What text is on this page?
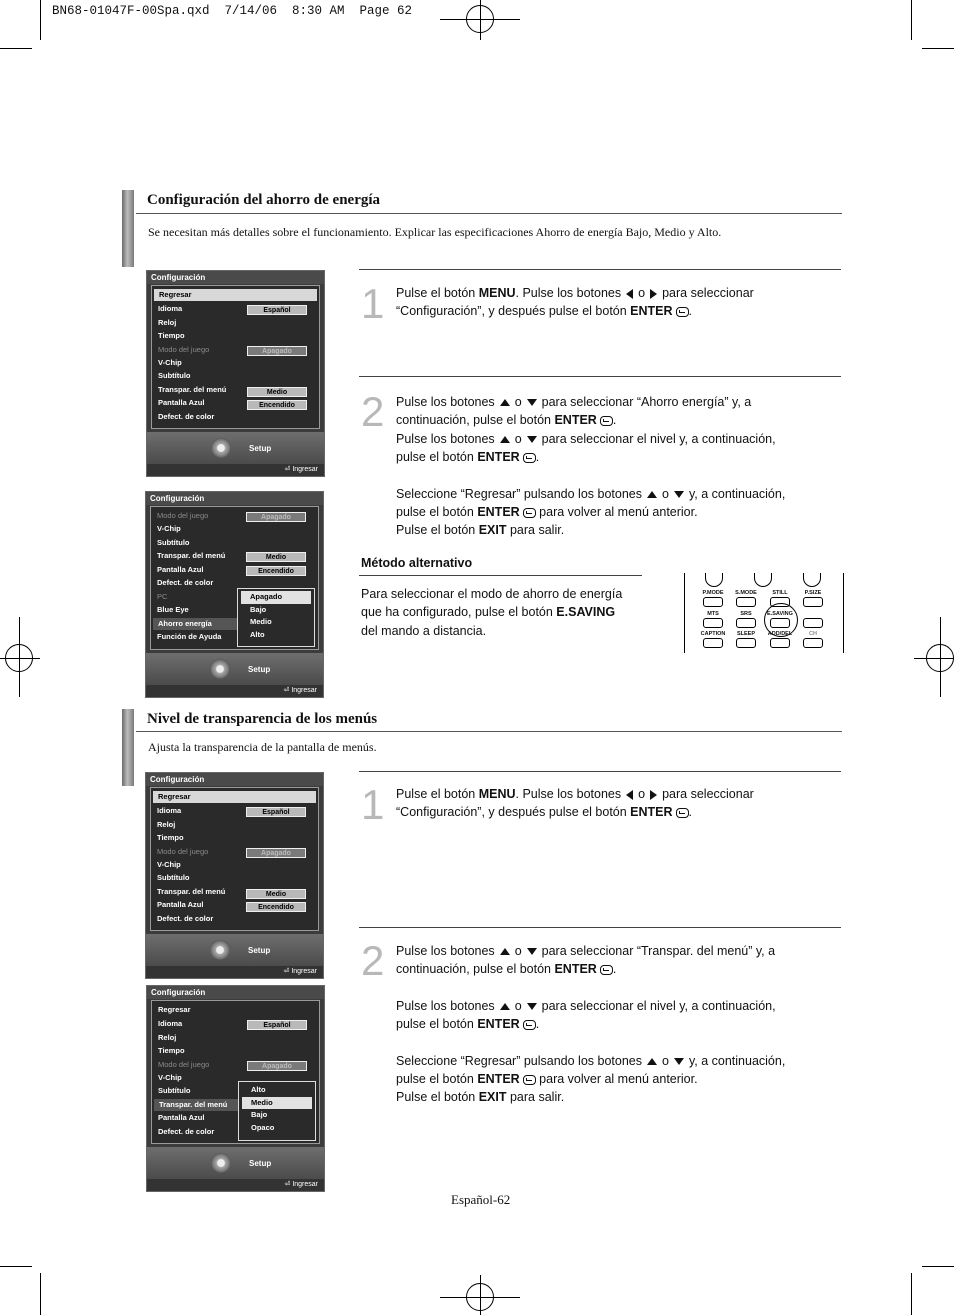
BN68-01047F-00Spa.qxd  7/14/06  8:30 AM  Page 62
Configuración del ahorro de energía
Se necesitan más detalles sobre el funcionamiento. Explicar las especificaciones Ahorro de energía Bajo, Medio y Alto.
Configuración
Regresar
Idioma	Español
Reloj
Tiempo
Modo del juego	Apagado
V-Chip
Subtítulo
Transpar. del menú	Medio
Pantalla Azul	Encendido
Defect. de color
Setup
⏎ Ingresar
Configuración
Modo del juego	Apagado
V-Chip
Subtítulo
Transpar. del menú	Medio
Pantalla Azul	Encendido
Defect. de color
PC
Blue Eye
Ahorro energía
Función de Ayuda
Apagado
Bajo
Medio
Alto
Setup
⏎ Ingresar
1 Pulse el botón MENU. Pulse los botones o para seleccionar

“Configuración”, y después pulse el botón ENTER .

2 Pulse los botones o para seleccionar “Ahorro energía” y, a

continuación, pulse el botón ENTER .

Pulse los botones o para seleccionar el nivel y, a continuación,

pulse el botón ENTER .

Seleccione “Regresar” pulsando los botones o y, a continuación,

pulse el botón ENTER para volver al menú anterior.

Pulse el botón EXIT para salir.

Método alternativo

Para seleccionar el modo de ahorro de energía

que ha configurado, pulse el botón E.SAVING

del mando a distancia.

P.MODE	S.MODE	STILL	P.SIZE
MTS	SRS	E.SAVING
CAPTION	SLEEP	ADD/DEL	CH
Nivel de transparencia de los menús
Ajusta la transparencia de la pantalla de menús.
Configuración
Regresar
Idioma	Español
Reloj
Tiempo
Modo del juego	Apagado
V-Chip
Subtítulo
Transpar. del menú	Medio
Pantalla Azul	Encendido
Defect. de color
Setup
⏎ Ingresar
Configuración
Regresar
Idioma	Español
Reloj
Tiempo
Modo del juego	Apagado
V-Chip
Subtítulo
Transpar. del menú
Pantalla Azul
Defect. de color
Alto
Medio
Bajo
Opaco
Setup
⏎ Ingresar
1 Pulse el botón MENU. Pulse los botones o para seleccionar

“Configuración”, y después pulse el botón ENTER .

2 Pulse los botones o para seleccionar “Transpar. del menú” y, a

continuación, pulse el botón ENTER .

Pulse los botones o para seleccionar el nivel y, a continuación,

pulse el botón ENTER .

Seleccione “Regresar” pulsando los botones o y, a continuación,

pulse el botón ENTER para volver al menú anterior.

Pulse el botón EXIT para salir.

Español-62
